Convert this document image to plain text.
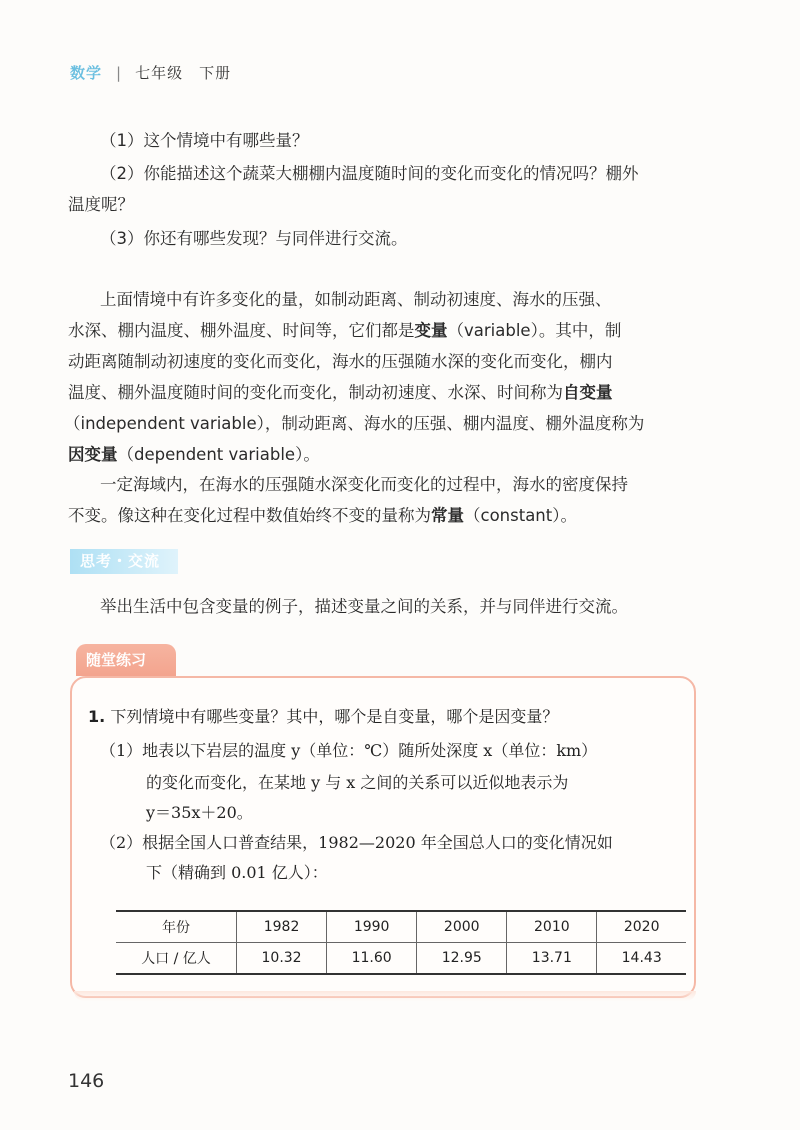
数学 | 七年级　下册
（1）这个情境中有哪些量？
（2）你能描述这个蔬菜大棚棚内温度随时间的变化而变化的情况吗？棚外
温度呢？
（3）你还有哪些发现？与同伴进行交流。
上面情境中有许多变化的量，如制动距离、制动初速度、海水的压强、
水深、棚内温度、棚外温度、时间等，它们都是变量（variable）。其中，制
动距离随制动初速度的变化而变化，海水的压强随水深的变化而变化，棚内
温度、棚外温度随时间的变化而变化，制动初速度、水深、时间称为自变量
（independent variable），制动距离、海水的压强、棚内温度、棚外温度称为
因变量（dependent variable）。
一定海域内，在海水的压强随水深变化而变化的过程中，海水的密度保持
不变。像这种在变化过程中数值始终不变的量称为常量（constant）。
思考・交流
举出生活中包含变量的例子，描述变量之间的关系，并与同伴进行交流。
随堂练习
1. 下列情境中有哪些变量？其中，哪个是自变量，哪个是因变量？
（1）地表以下岩层的温度 y（单位：℃）随所处深度 x（单位：km）
的变化而变化，在某地 y 与 x 之间的关系可以近似地表示为
y＝35x＋20。
（2）根据全国人口普查结果，1982—2020 年全国总人口的变化情况如
下（精确到 0.01 亿人）：
年份	1982	1990	2000	2010	2020
人口 / 亿人	10.32	11.60	12.95	13.71	14.43
146
